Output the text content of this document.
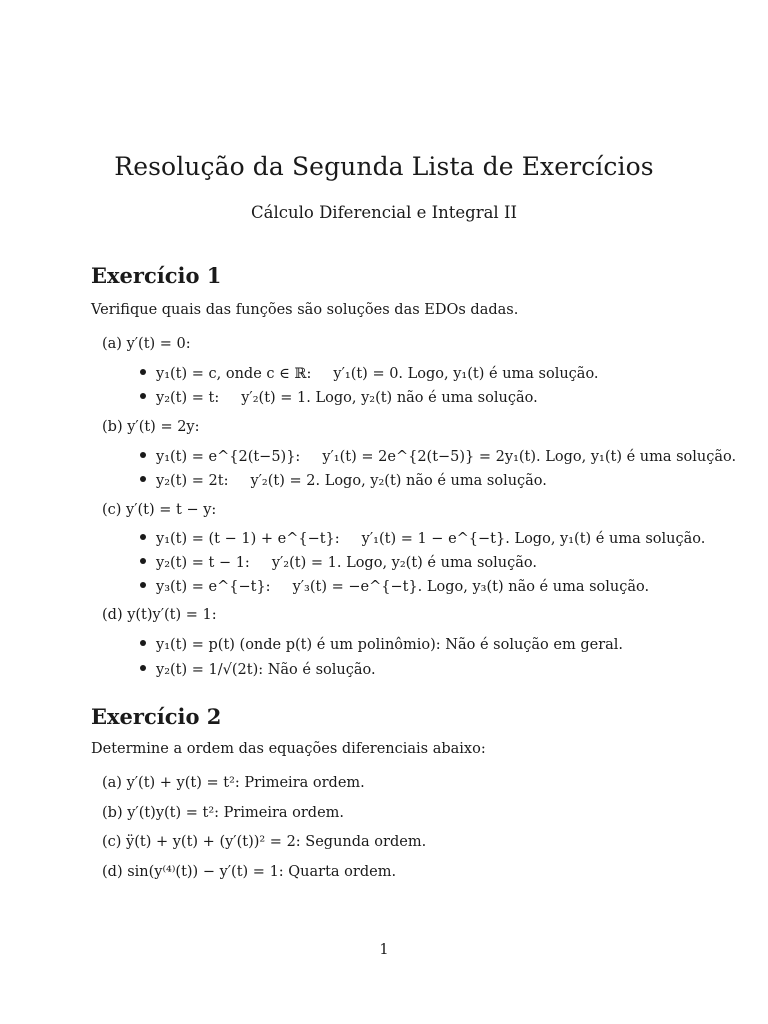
Resolução da Segunda Lista de Exercícios
Cálculo Diferencial e Integral II
Exercício 1
Verifique quais das funções são soluções das EDOs dadas.
(a) y′(t) = 0:
y₁(t) = c, onde c ∈ ℝ: y′₁(t) = 0. Logo, y₁(t) é uma solução.
y₂(t) = t: y′₂(t) = 1. Logo, y₂(t) não é uma solução.
(b) y′(t) = 2y:
y₁(t) = e^{2(t−5)}: y′₁(t) = 2e^{2(t−5)} = 2y₁(t). Logo, y₁(t) é uma solução.
y₂(t) = 2t: y′₂(t) = 2. Logo, y₂(t) não é uma solução.
(c) y′(t) = t − y:
y₁(t) = (t − 1) + e^{−t}: y′₁(t) = 1 − e^{−t}. Logo, y₁(t) é uma solução.
y₂(t) = t − 1: y′₂(t) = 1. Logo, y₂(t) é uma solução.
y₃(t) = e^{−t}: y′₃(t) = −e^{−t}. Logo, y₃(t) não é uma solução.
(d) y(t)y′(t) = 1:
y₁(t) = p(t) (onde p(t) é um polinômio): Não é solução em geral.
y₂(t) = 1/√(2t): Não é solução.
Exercício 2
Determine a ordem das equações diferenciais abaixo:
(a) y′(t) + y(t) = t²: Primeira ordem.
(b) y′(t)y(t) = t²: Primeira ordem.
(c) ÿ(t) + y(t) + (y′(t))² = 2: Segunda ordem.
(d) sin(y⁽⁴⁾(t)) − y′(t) = 1: Quarta ordem.
1
